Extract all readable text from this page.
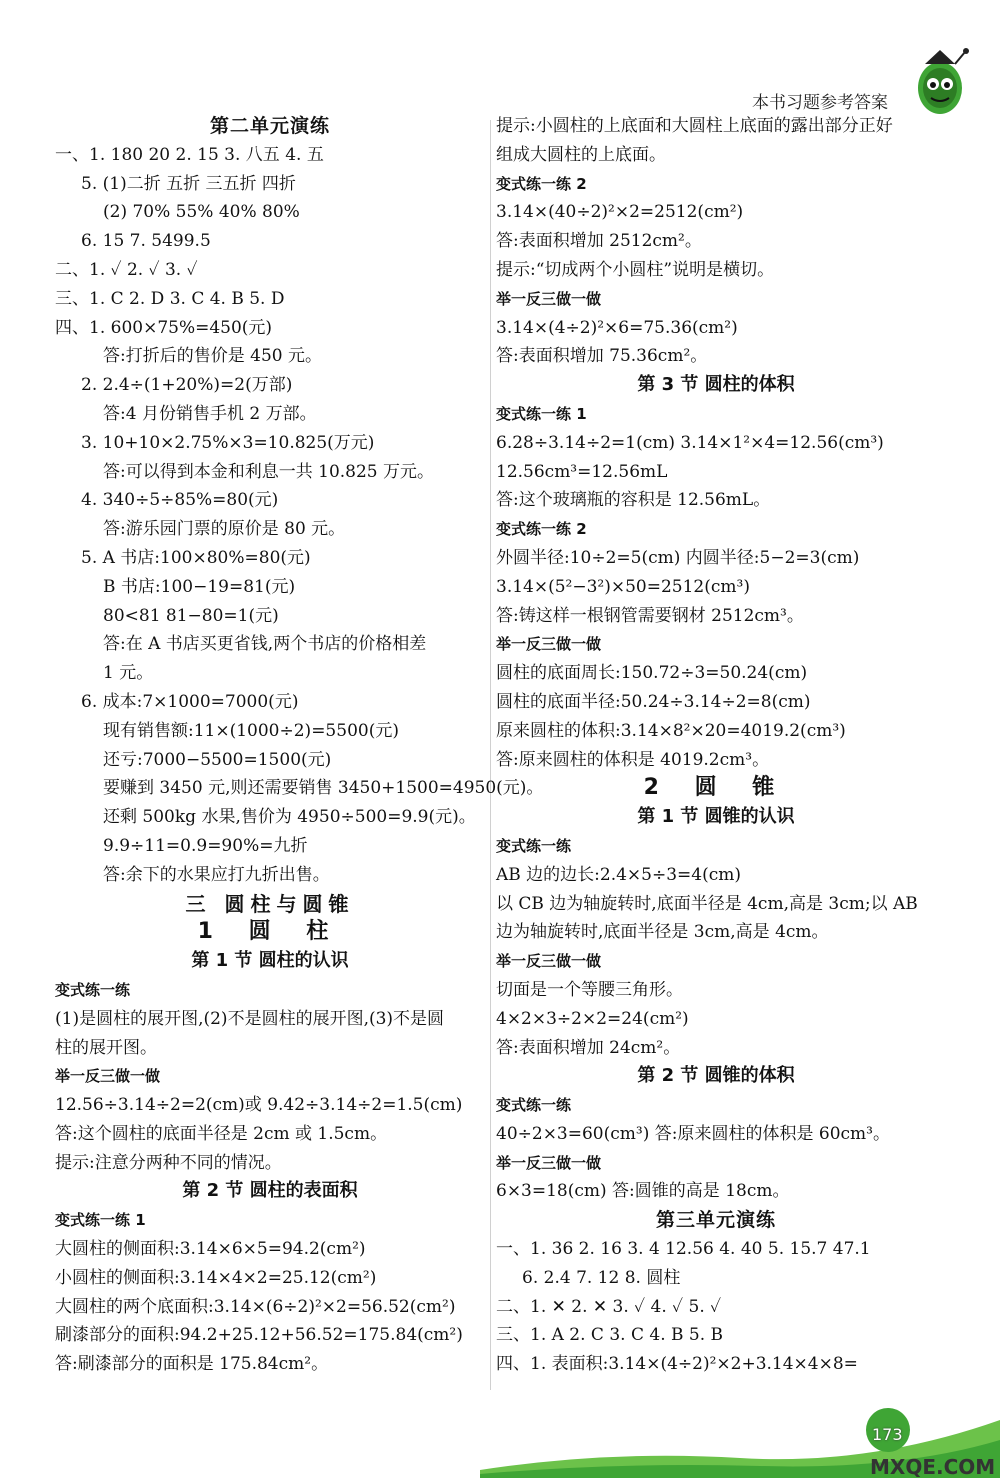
本书习题参考答案
第二单元演练
一、1. 180 20 2. 15 3. 八五 4. 五
5. (1)二折 五折 三五折 四折
(2) 70% 55% 40% 80%
6. 15 7. 5499.5
二、1. ✓ 2. ✓ 3. ✓
三、1. C 2. D 3. C 4. B 5. D
四、1. 600×75%=450(元)
答:打折后的售价是 450 元。
2. 2.4÷(1+20%)=2(万部)
答:4 月份销售手机 2 万部。
3. 10+10×2.75%×3=10.825(万元)
答:可以得到本金和利息一共 10.825 万元。
4. 340÷5÷85%=80(元)
答:游乐园门票的原价是 80 元。
5. A 书店:100×80%=80(元)
B 书店:100−19=81(元)
80<81 81−80=1(元)
答:在 A 书店买更省钱,两个书店的价格相差
1 元。
6. 成本:7×1000=7000(元)
现有销售额:11×(1000÷2)=5500(元)
还亏:7000−5500=1500(元)
要赚到 3450 元,则还需要销售 3450+1500=4950(元)。
还剩 500kg 水果,售价为 4950÷500=9.9(元)。
9.9÷11=0.9=90%=九折
答:余下的水果应打九折出售。
三 圆柱与圆锥
1 圆 柱
第 1 节 圆柱的认识
变式练一练
(1)是圆柱的展开图,(2)不是圆柱的展开图,(3)不是圆
柱的展开图。
举一反三做一做
12.56÷3.14÷2=2(cm)或 9.42÷3.14÷2=1.5(cm)
答:这个圆柱的底面半径是 2cm 或 1.5cm。
提示:注意分两种不同的情况。
第 2 节 圆柱的表面积
变式练一练 1
大圆柱的侧面积:3.14×6×5=94.2(cm²)
小圆柱的侧面积:3.14×4×2=25.12(cm²)
大圆柱的两个底面积:3.14×(6÷2)²×2=56.52(cm²)
刷漆部分的面积:94.2+25.12+56.52=175.84(cm²)
答:刷漆部分的面积是 175.84cm²。
提示:小圆柱的上底面和大圆柱上底面的露出部分正好
组成大圆柱的上底面。
变式练一练 2
3.14×(40÷2)²×2=2512(cm²)
答:表面积增加 2512cm²。
提示:“切成两个小圆柱”说明是横切。
举一反三做一做
3.14×(4÷2)²×6=75.36(cm²)
答:表面积增加 75.36cm²。
第 3 节 圆柱的体积
变式练一练 1
6.28÷3.14÷2=1(cm) 3.14×1²×4=12.56(cm³)
12.56cm³=12.56mL
答:这个玻璃瓶的容积是 12.56mL。
变式练一练 2
外圆半径:10÷2=5(cm) 内圆半径:5−2=3(cm)
3.14×(5²−3²)×50=2512(cm³)
答:铸这样一根钢管需要钢材 2512cm³。
举一反三做一做
圆柱的底面周长:150.72÷3=50.24(cm)
圆柱的底面半径:50.24÷3.14÷2=8(cm)
原来圆柱的体积:3.14×8²×20=4019.2(cm³)
答:原来圆柱的体积是 4019.2cm³。
2 圆 锥
第 1 节 圆锥的认识
变式练一练
AB 边的边长:2.4×5÷3=4(cm)
以 CB 边为轴旋转时,底面半径是 4cm,高是 3cm;以 AB
边为轴旋转时,底面半径是 3cm,高是 4cm。
举一反三做一做
切面是一个等腰三角形。
4×2×3÷2×2=24(cm²)
答:表面积增加 24cm²。
第 2 节 圆锥的体积
变式练一练
40÷2×3=60(cm³) 答:原来圆柱的体积是 60cm³。
举一反三做一做
6×3=18(cm) 答:圆锥的高是 18cm。
第三单元演练
一、1. 36 2. 16 3. 4 12.56 4. 40 5. 15.7 47.1
6. 2.4 7. 12 8. 圆柱
二、1. ✕ 2. ✕ 3. ✓ 4. ✓ 5. ✓
三、1. A 2. C 3. C 4. B 5. B
四、1. 表面积:3.14×(4÷2)²×2+3.14×4×8=
173
MXQE.COM
